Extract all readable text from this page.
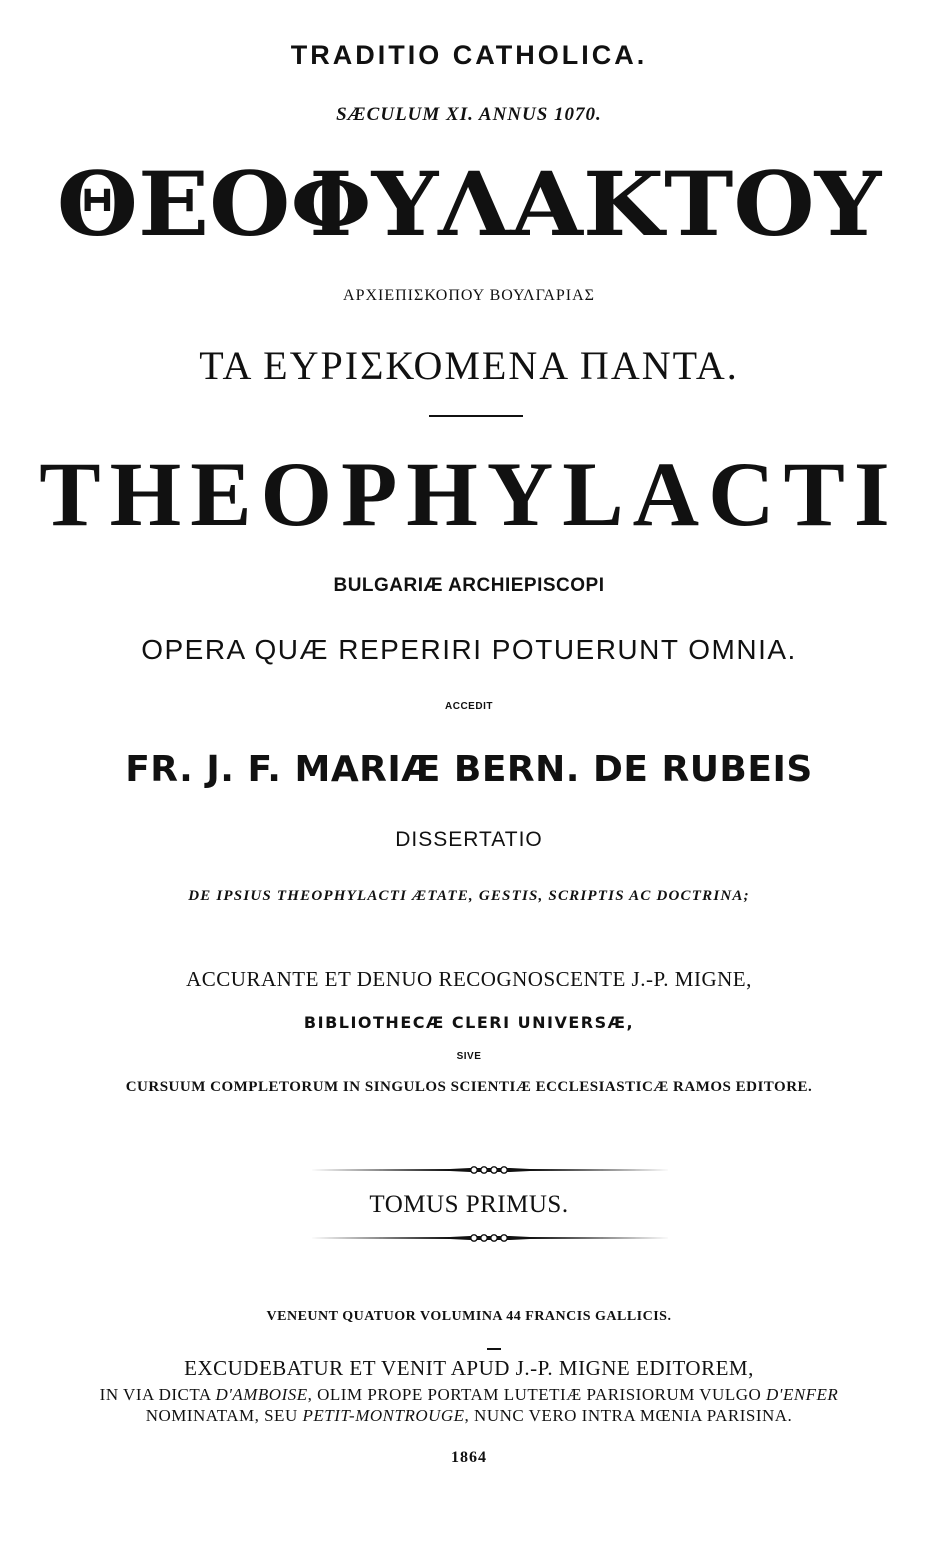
TRADITIO CATHOLICA.
SÆCULUM XI. ANNUS 1070.
ΘΕΟΦΥΛΑΚΤΟΥ
ΑΡΧΙΕΠΙΣΚΟΠΟΥ ΒΟΥΛΓΑΡΙΑΣ
ΤΑ ΕΥΡΙΣΚΟΜΕΝΑ ΠΑΝΤΑ.
THEOPHYLACTI
BULGARIÆ ARCHIEPISCOPI
OPERA QUÆ REPERIRI POTUERUNT OMNIA.
ACCEDIT
FR. J. F. MARIÆ BERN. DE RUBEIS
DISSERTATIO
DE IPSIUS THEOPHYLACTI ÆTATE, GESTIS, SCRIPTIS AC DOCTRINA;
ACCURANTE ET DENUO RECOGNOSCENTE J.-P. MIGNE,
BIBLIOTHECÆ CLERI UNIVERSÆ,
SIVE
CURSUUM COMPLETORUM IN SINGULOS SCIENTIÆ ECCLESIASTICÆ RAMOS EDITORE.
TOMUS PRIMUS.
VENEUNT QUATUOR VOLUMINA 44 FRANCIS GALLICIS.
EXCUDEBATUR ET VENIT APUD J.-P. MIGNE EDITOREM,
IN VIA DICTA D'AMBOISE, OLIM PROPE PORTAM LUTETIÆ PARISIORUM VULGO D'ENFER
NOMINATAM, SEU PETIT-MONTROUGE, NUNC VERO INTRA MŒNIA PARISINA.
1864
